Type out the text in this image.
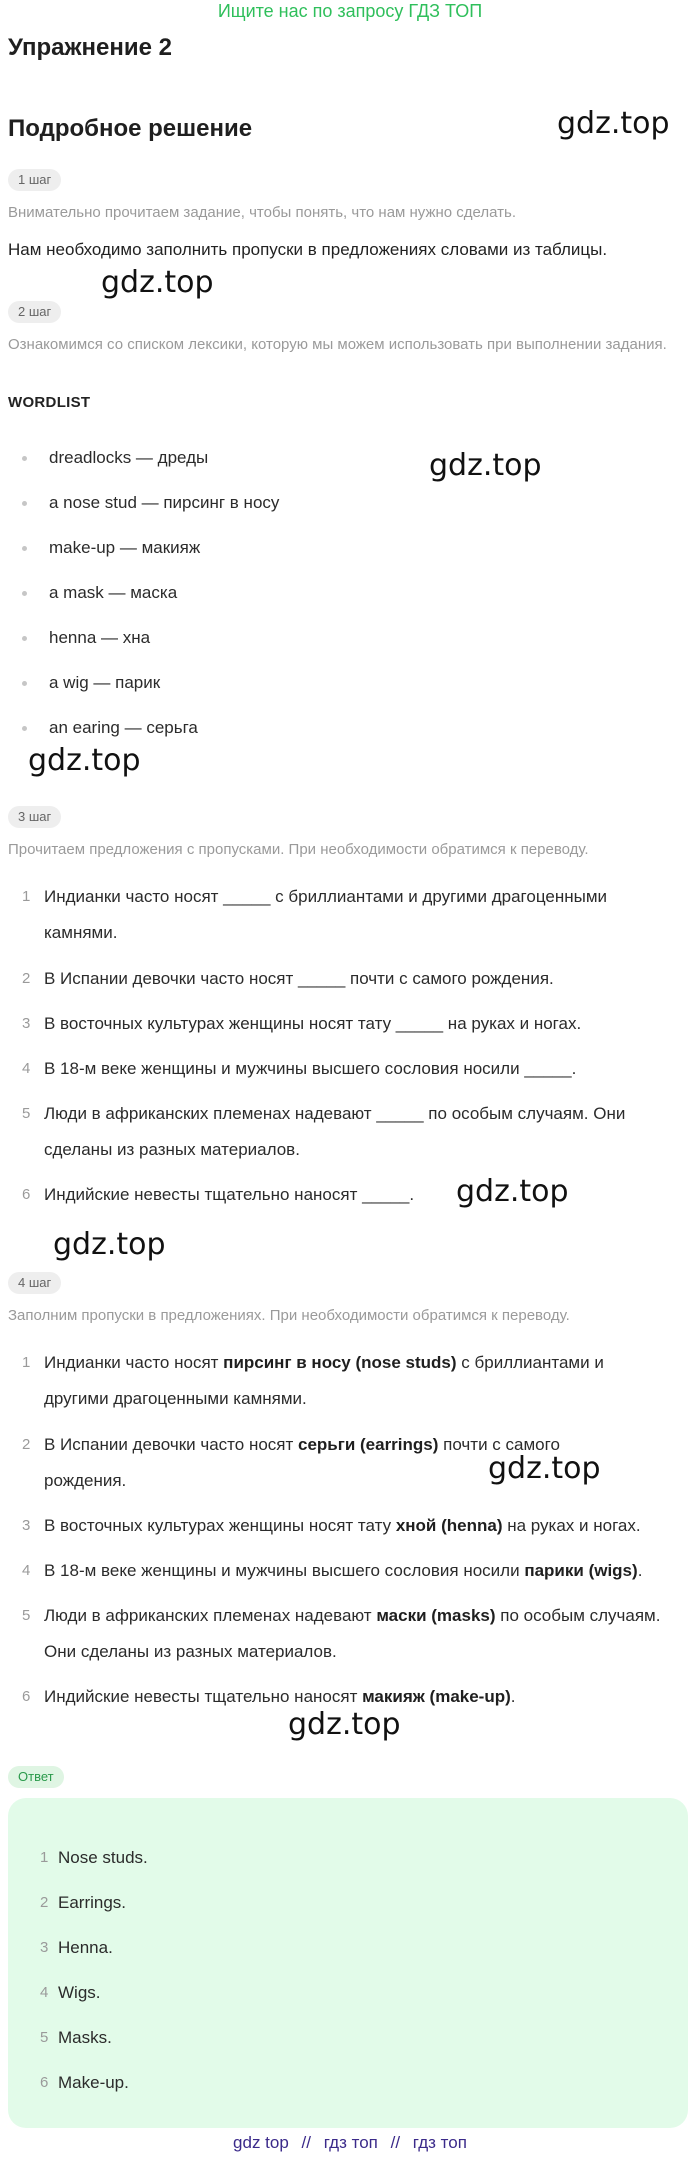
Ищите нас по запросу ГДЗ ТОП
Упражнение 2
Подробное решение	gdz.top
gdz.top
gdz.top
gdz.top
gdz.top
gdz.top
gdz.top
gdz.top
1 шаг
Внимательно прочитаем задание, чтобы понять, что нам нужно сделать.
Нам необходимо заполнить пропуски в предложениях словами из таблицы.
2 шаг
Ознакомимся со списком лексики, которую мы можем использовать при выполнении задания.
WORDLIST
dreadlocks — дреды
a nose stud — пирсинг в носу
make-up — макияж
a mask — маска
henna — хна
a wig — парик
an earing — серьга
3 шаг
Прочитаем предложения с пропусками. При необходимости обратимся к переводу.
1 Индианки часто носят _____ с бриллиантами и другими драгоценными камнями.
2 В Испании девочки часто носят _____ почти с самого рождения.
3 В восточных культурах женщины носят тату _____ на руках и ногах.
4 В 18-м веке женщины и мужчины высшего сословия носили _____.
5 Люди в африканских племенах надевают _____ по особым случаям. Они сделаны из разных материалов.
6 Индийские невесты тщательно наносят _____.
4 шаг
Заполним пропуски в предложениях. При необходимости обратимся к переводу.
1 Индианки часто носят пирсинг в носу (nose studs) с бриллиантами и другими драгоценными камнями.
2 В Испании девочки часто носят серьги (earrings) почти с самого рождения.
3 В восточных культурах женщины носят тату хной (henna) на руках и ногах.
4 В 18-м веке женщины и мужчины высшего сословия носили парики (wigs).
5 Люди в африканских племенах надевают маски (masks) по особым случаям. Они сделаны из разных материалов.
6 Индийские невесты тщательно наносят макияж (make-up).
Ответ
1 Nose studs.
2 Earrings.
3 Henna.
4 Wigs.
5 Masks.
6 Make-up.
gdz top // гдз топ // гдз топ
